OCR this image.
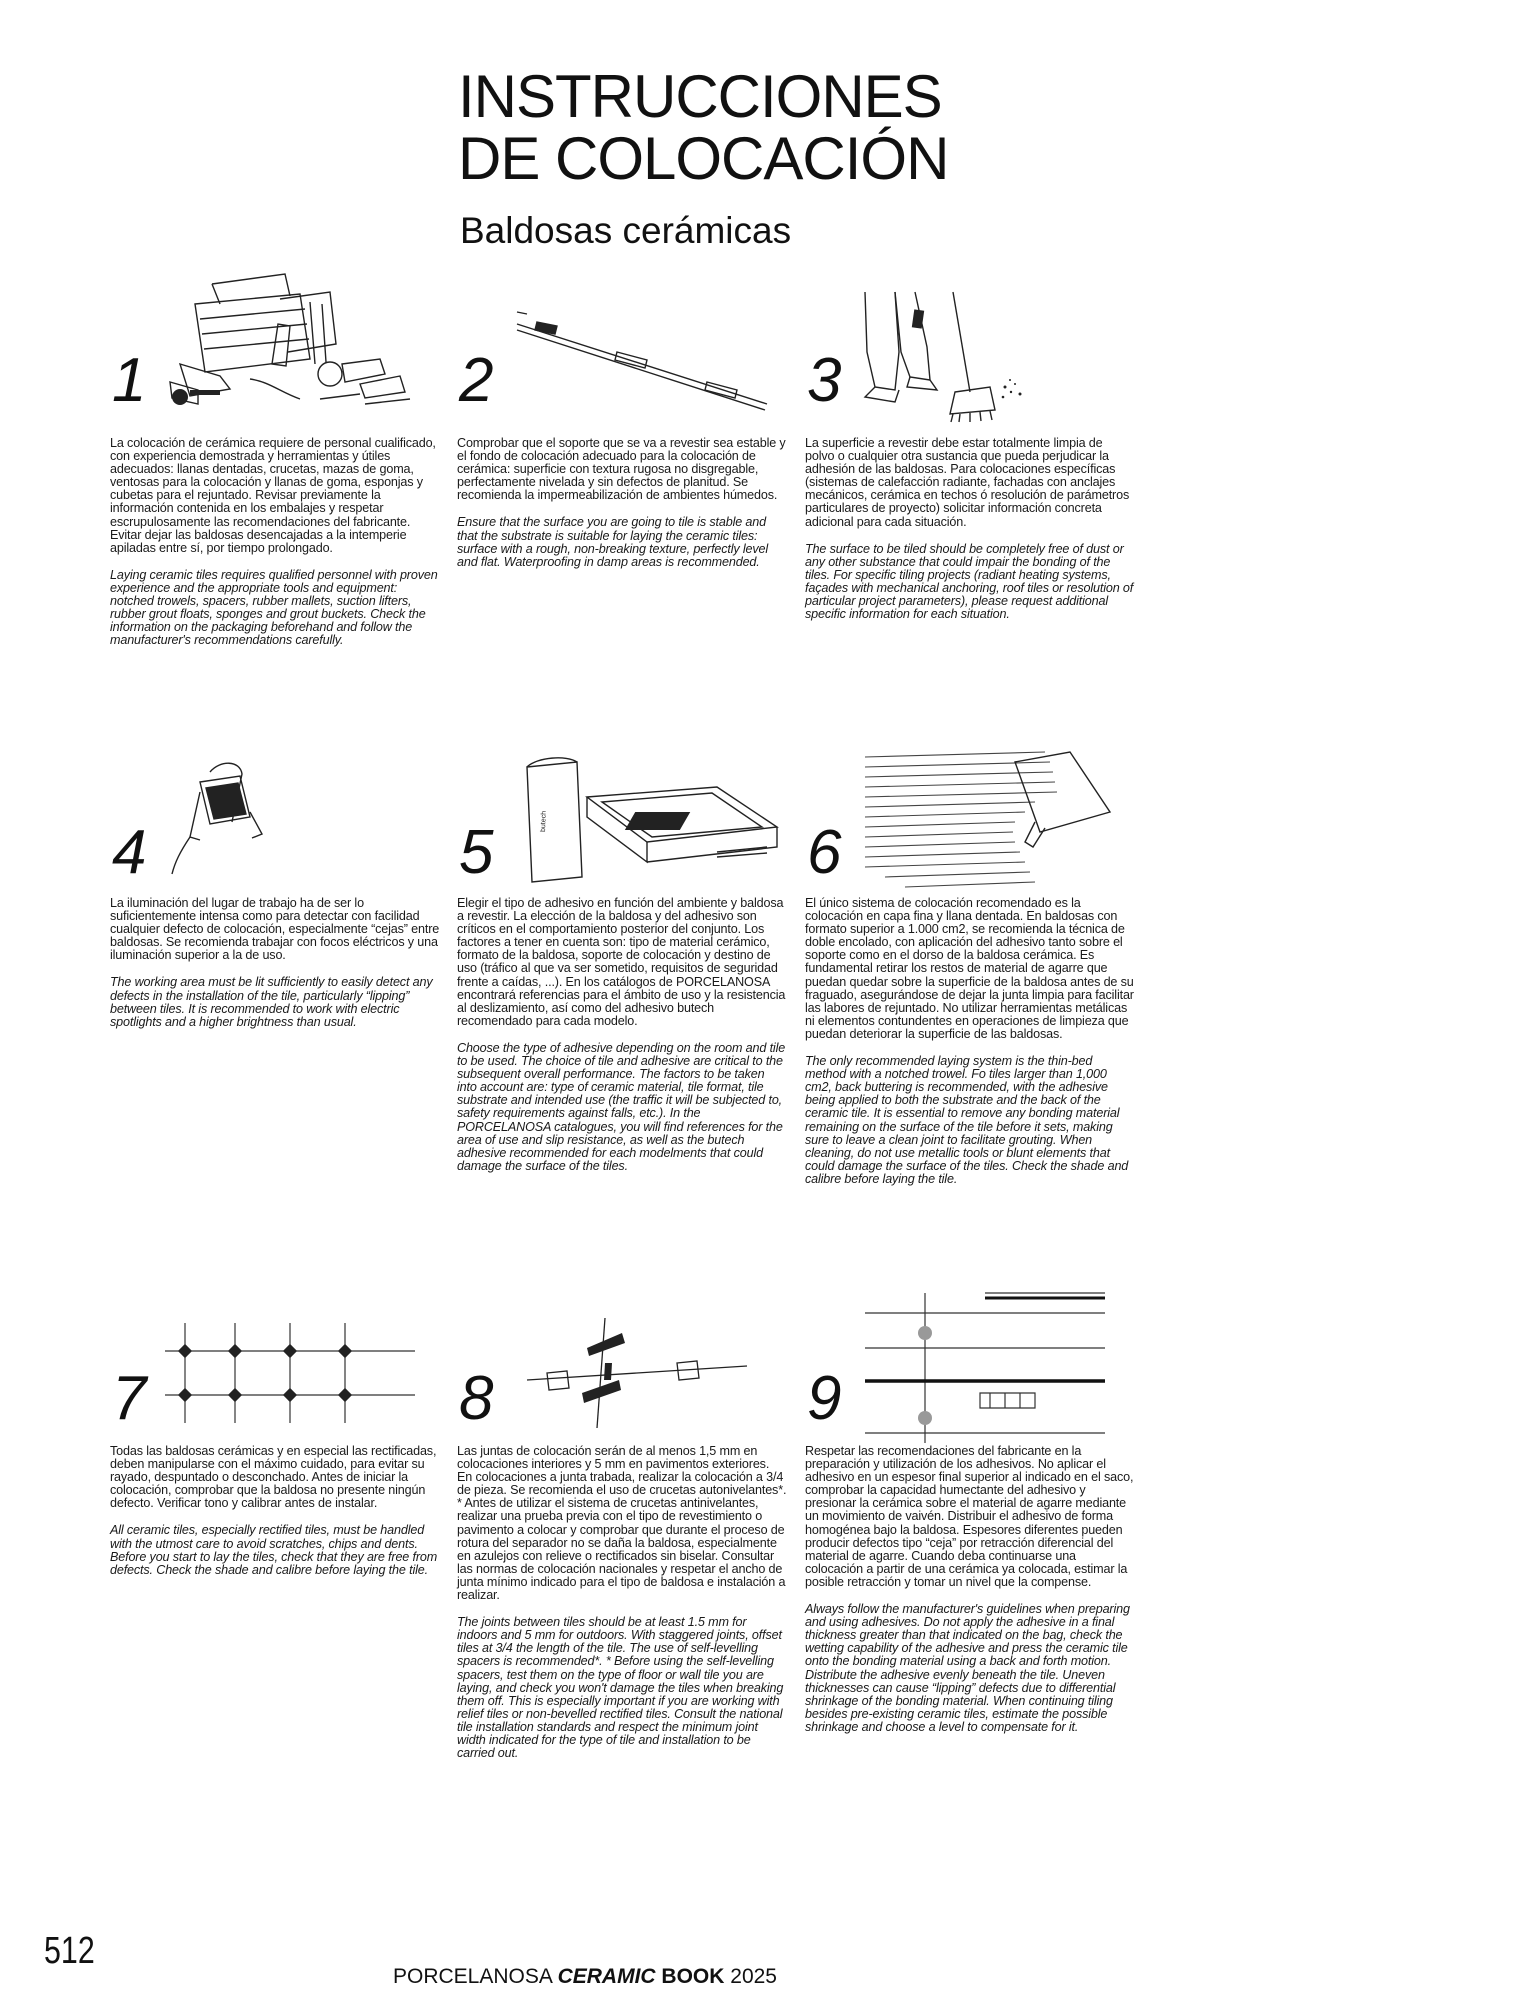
INSTRUCCIONES
DE COLOCACIÓN
Baldosas cerámicas
1

La colocación de cerámica requiere de personal cualificado, con experiencia demostrada y herramientas y útiles adecuados: llanas dentadas, crucetas, mazas de goma, ventosas para la colocación y llanas de goma, esponjas y cubetas para el rejuntado. Revisar previamente la información contenida en los embalajes y respetar escrupulosamente las recomendaciones del fabricante. Evitar dejar las baldosas desencajadas a la intemperie apiladas entre sí, por tiempo prolongado.

Laying ceramic tiles requires qualified personnel with proven experience and the appropriate tools and equipment: notched trowels, spacers, rubber mallets, suction lifters, rubber grout floats, sponges and grout buckets. Check the information on the packaging beforehand and follow the manufacturer's recommendations carefully.

2

Comprobar que el soporte que se va a revestir sea estable y el fondo de colocación adecuado para la colocación de cerámica: superficie con textura rugosa no disgregable, perfectamente nivelada y sin defectos de planitud. Se recomienda la impermeabilización de ambientes húmedos.

Ensure that the surface you are going to tile is stable and that the substrate is suitable for laying the ceramic tiles: surface with a rough, non-breaking texture, perfectly level and flat. Waterproofing in damp areas is recommended.

3

La superficie a revestir debe estar totalmente limpia de polvo o cualquier otra sustancia que pueda perjudicar la adhesión de las baldosas. Para colocaciones específicas (sistemas de calefacción radiante, fachadas con anclajes mecánicos, cerámica en techos ó resolución de parámetros particulares de proyecto) solicitar información concreta adicional para cada situación.

The surface to be tiled should be completely free of dust or any other substance that could impair the bonding of the tiles. For specific tiling projects (radiant heating systems, façades with mechanical anchoring, roof tiles or resolution of particular project parameters), please request additional specific information for each situation.

4

La iluminación del lugar de trabajo ha de ser lo suficientemente intensa como para detectar con facilidad cualquier defecto de colocación, especialmente “cejas” entre baldosas. Se recomienda trabajar con focos eléctricos y una iluminación superior a la de uso.

The working area must be lit sufficiently to easily detect any defects in the installation of the tile, particularly “lipping” between tiles. It is recommended to work with electric spotlights and a higher brightness than usual.

butech
5

Elegir el tipo de adhesivo en función del ambiente y baldosa a revestir. La elección de la baldosa y del adhesivo son críticos en el comportamiento posterior del conjunto. Los factores a tener en cuenta son: tipo de material cerámico, formato de la baldosa, soporte de colocación y destino de uso (tráfico al que va ser sometido, requisitos de seguridad frente a caídas, ...). En los catálogos de PORCELANOSA encontrará referencias para el ámbito de uso y la resistencia al deslizamiento, así como del adhesivo butech recomendado para cada modelo.

Choose the type of adhesive depending on the room and tile to be used. The choice of tile and adhesive are critical to the subsequent overall performance. The factors to be taken into account are: type of ceramic material, tile format, tile substrate and intended use (the traffic it will be subjected to, safety requirements against falls, etc.). In the PORCELANOSA catalogues, you will find references for the area of use and slip resistance, as well as the butech adhesive recommended for each modelments that could damage the surface of the tiles.

6

El único sistema de colocación recomendado es la colocación en capa fina y llana dentada. En baldosas con formato superior a 1.000 cm2, se recomienda la técnica de doble encolado, con aplicación del adhesivo tanto sobre el soporte como en el dorso de la baldosa cerámica. Es fundamental retirar los restos de material de agarre que puedan quedar sobre la superficie de la baldosa antes de su fraguado, asegurándose de dejar la junta limpia para facilitar las labores de rejuntado. No utilizar herramientas metálicas ni elementos contundentes en operaciones de limpieza que puedan deteriorar la superficie de las baldosas.

The only recommended laying system is the thin-bed method with a notched trowel. Fo tiles larger than 1,000 cm2, back buttering is recommended, with the adhesive being applied to both the substrate and the back of the ceramic tile. It is essential to remove any bonding material remaining on the surface of the tile before it sets, making sure to leave a clean joint to facilitate grouting. When cleaning, do not use metallic tools or blunt elements that could damage the surface of the tiles. Check the shade and calibre before laying the tile.

7

Todas las baldosas cerámicas y en especial las rectificadas, deben manipularse con el máximo cuidado, para evitar su rayado, despuntado o desconchado. Antes de iniciar la colocación, comprobar que la baldosa no presente ningún defecto. Verificar tono y calibrar antes de instalar.

All ceramic tiles, especially rectified tiles, must be handled with the utmost care to avoid scratches, chips and dents. Before you start to lay the tiles, check that they are free from defects. Check the shade and calibre before laying the tile.

8

Las juntas de colocación serán de al menos 1,5 mm en colocaciones interiores y 5 mm en pavimentos exteriores. En colocaciones a junta trabada, realizar la colocación a 3/4 de pieza. Se recomienda el uso de crucetas autonivelantes*. * Antes de utilizar el sistema de crucetas antinivelantes, realizar una prueba previa con el tipo de revestimiento o pavimento a colocar y comprobar que durante el proceso de rotura del separador no se daña la baldosa, especialmente en azulejos con relieve o rectificados sin biselar. Consultar las normas de colocación nacionales y respetar el ancho de junta mínimo indicado para el tipo de baldosa e instalación a realizar.

The joints between tiles should be at least 1.5 mm for indoors and 5 mm for outdoors. With staggered joints, offset tiles at 3/4 the length of the tile. The use of self-levelling spacers is recommended*. * Before using the self-levelling spacers, test them on the type of floor or wall tile you are laying, and check you won't damage the tiles when breaking them off. This is especially important if you are working with relief tiles or non-bevelled rectified tiles. Consult the national tile installation standards and respect the minimum joint width indicated for the type of tile and installation to be carried out.

9

Respetar las recomendaciones del fabricante en la preparación y utilización de los adhesivos. No aplicar el adhesivo en un espesor final superior al indicado en el saco, comprobar la capacidad humectante del adhesivo y presionar la cerámica sobre el material de agarre mediante un movimiento de vaivén. Distribuir el adhesivo de forma homogénea bajo la baldosa. Espesores diferentes pueden producir defectos tipo “ceja” por retracción diferencial del material de agarre. Cuando deba continuarse una colocación a partir de una cerámica ya colocada, estimar la posible retracción y tomar un nivel que la compense.

Always follow the manufacturer's guidelines when preparing and using adhesives. Do not apply the adhesive in a final thickness greater than that indicated on the bag, check the wetting capability of the adhesive and press the ceramic tile onto the bonding material using a back and forth motion. Distribute the adhesive evenly beneath the tile. Uneven thicknesses can cause “lipping” defects due to differential shrinkage of the bonding material. When continuing tiling besides pre-existing ceramic tiles, estimate the possible shrinkage and choose a level to compensate for it.

512
PORCELANOSA CERAMIC BOOK 2025
